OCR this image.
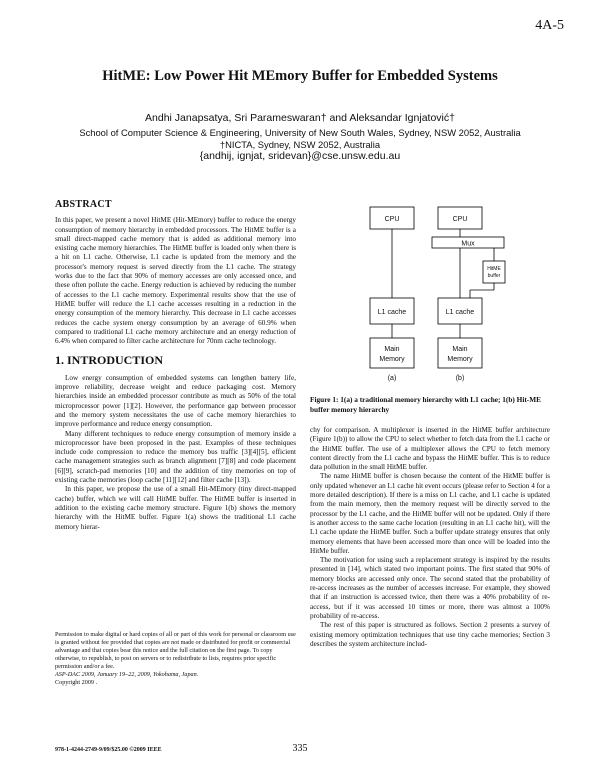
4A-5
HitME: Low Power Hit MEmory Buffer for Embedded Systems
Andhi Janapsatya, Sri Parameswaran† and Aleksandar Ignjatović†
School of Computer Science & Engineering, University of New South Wales, Sydney, NSW 2052, Australia
†NICTA, Sydney, NSW 2052, Australia
{andhij, ignjat, sridevan}@cse.unsw.edu.au
ABSTRACT

In this paper, we present a novel HitME (Hit-MEmory) buffer to reduce the energy consumption of memory hierarchy in embedded processors. The HitME buffer is a small direct-mapped cache memory that is added as additional memory into existing cache memory hierarchies. The HitME buffer is loaded only when there is a hit on L1 cache. Otherwise, L1 cache is updated from the memory and the processor's memory request is served directly from the L1 cache. The strategy works due to the fact that 90% of memory accesses are only accessed once, and these often pollute the cache. Energy reduction is achieved by reducing the number of accesses to the L1 cache memory. Experimental results show that the use of HitME buffer will reduce the L1 cache accesses resulting in a reduction in the energy consumption of the memory hierarchy. This decrease in L1 cache accesses reduces the cache system energy consumption by an average of 60.9% when compared to traditional L1 cache memory architecture and an energy reduction of 6.4% when compared to filter cache architecture for 70nm cache technology.

1. INTRODUCTION

Low energy consumption of embedded systems can lengthen battery life, improve reliability, decrease weight and reduce packaging cost. Memory hierarchies inside an embedded processor contribute as much as 50% of the total microprocessor power [1][2]. However, the performance gap between processor and the memory system necessitates the use of cache memory hierarchies to improve performance and reduce energy consumption.

Many different techniques to reduce energy consumption of memory inside a microprocessor have been proposed in the past. Examples of these techniques include code compression to reduce the memory bus traffic [3][4][5], efficient cache management strategies such as branch alignment [7][8] and code placement [6][9], scratch-pad memories [10] and the addition of tiny memories on top of existing cache memories (loop cache [11][12] and filter cache [13]).

In this paper, we propose the use of a small Hit-MEmory (tiny direct-mapped cache) buffer, which we will call HitME buffer. The HitME buffer is inserted in addition to the existing cache memory structure. Figure 1(b) shows the memory hierarchy with the HitME buffer. Figure 1(a) shows the traditional L1 cache memory hierar-

Permission to make digital or hard copies of all or part of this work for personal or classroom use is granted without fee provided that copies are not made or distributed for profit or commercial advantage and that copies bear this notice and the full citation on the first page. To copy otherwise, to republish, to post on servers or to redistribute to lists, requires prior specific permission and/or a fee.

ASP-DAC 2009, January 19–22, 2009, Yokohama, Japan.

Copyright 2009 .

CPU
L1 cache
Main
Memory
(a)
CPU
Mux
HitME
buffer
L1 cache
Main
Memory
(b)
Figure 1: 1(a) a traditional memory hierarchy with L1 cache; 1(b) Hit-ME buffer memory hierarchy

chy for comparison. A multiplexer is inserted in the HitME buffer architecture (Figure 1(b)) to allow the CPU to select whether to fetch data from the L1 cache or the HitME buffer. The use of a multiplexer allows the CPU to fetch memory content directly from the L1 cache and bypass the HitME buffer. This is to reduce data pollution in the small HitME buffer.

The name HitME buffer is chosen because the content of the HitME buffer is only updated whenever an L1 cache hit event occurs (please refer to Section 4 for a more detailed description). If there is a miss on L1 cache, and L1 cache is updated from the main memory, then the memory request will be directly served to the processor by the L1 cache, and the HitME buffer will not be updated. Only if there is another access to the same cache location (resulting in an L1 cache hit), will the L1 cache update the HitME buffer. Such a buffer update strategy ensures that only memory elements that have been accessed more than once will be loaded into the HitMe buffer.

The motivation for using such a replacement strategy is inspired by the results presented in [14], which stated two important points. The first stated that 90% of memory blocks are accessed only once. The second stated that the probability of re-access increases as the number of accesses increase. For example, they showed that if an instruction is accessed twice, then there was a 40% probability of re-access, but if it was accessed 10 times or more, there was almost a 100% probability of re-access.

The rest of this paper is structured as follows. Section 2 presents a survey of existing memory optimization techniques that use tiny cache memories; Section 3 describes the system architecture includ-

978-1-4244-2749-9/09/$25.00 ©2009 IEEE	335
